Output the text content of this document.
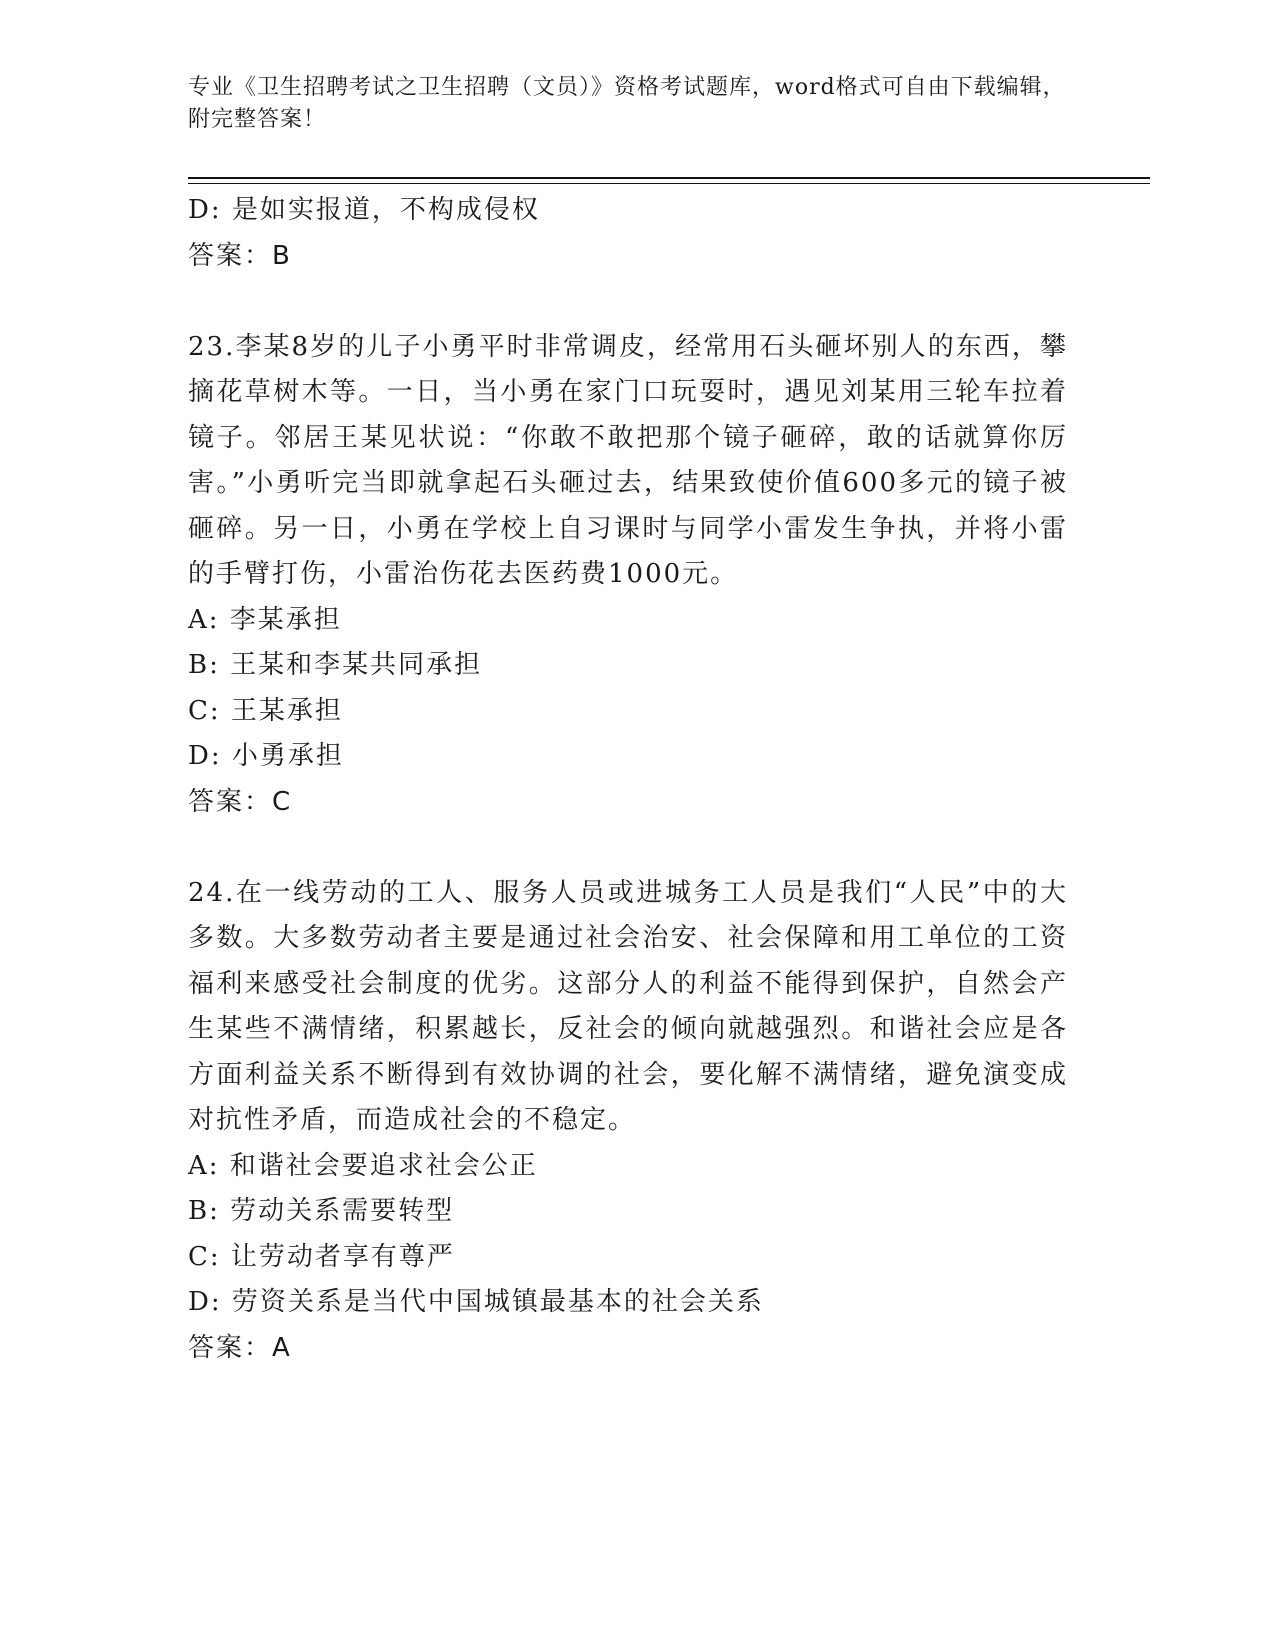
专业《卫生招聘考试之卫生招聘（文员）》资格考试题库，word格式可自由下载编辑，附完整答案！
D: 是如实报道，不构成侵权
答案：B
23.李某8岁的儿子小勇平时非常调皮，经常用石头砸坏别人的东西，攀摘花草树木等。一日，当小勇在家门口玩耍时，遇见刘某用三轮车拉着镜子。邻居王某见状说：“你敢不敢把那个镜子砸碎，敢的话就算你厉害。”小勇听完当即就拿起石头砸过去，结果致使价值600多元的镜子被砸碎。另一日，小勇在学校上自习课时与同学小雷发生争执，并将小雷的手臂打伤，小雷治伤花去医药费1000元。
A: 李某承担
B: 王某和李某共同承担
C: 王某承担
D: 小勇承担
答案：C
24.在一线劳动的工人、服务人员或进城务工人员是我们“人民”中的大多数。大多数劳动者主要是通过社会治安、社会保障和用工单位的工资福利来感受社会制度的优劣。这部分人的利益不能得到保护，自然会产生某些不满情绪，积累越长，反社会的倾向就越强烈。和谐社会应是各方面利益关系不断得到有效协调的社会，要化解不满情绪，避免演变成对抗性矛盾，而造成社会的不稳定。
A: 和谐社会要追求社会公正
B: 劳动关系需要转型
C: 让劳动者享有尊严
D: 劳资关系是当代中国城镇最基本的社会关系
答案：A
